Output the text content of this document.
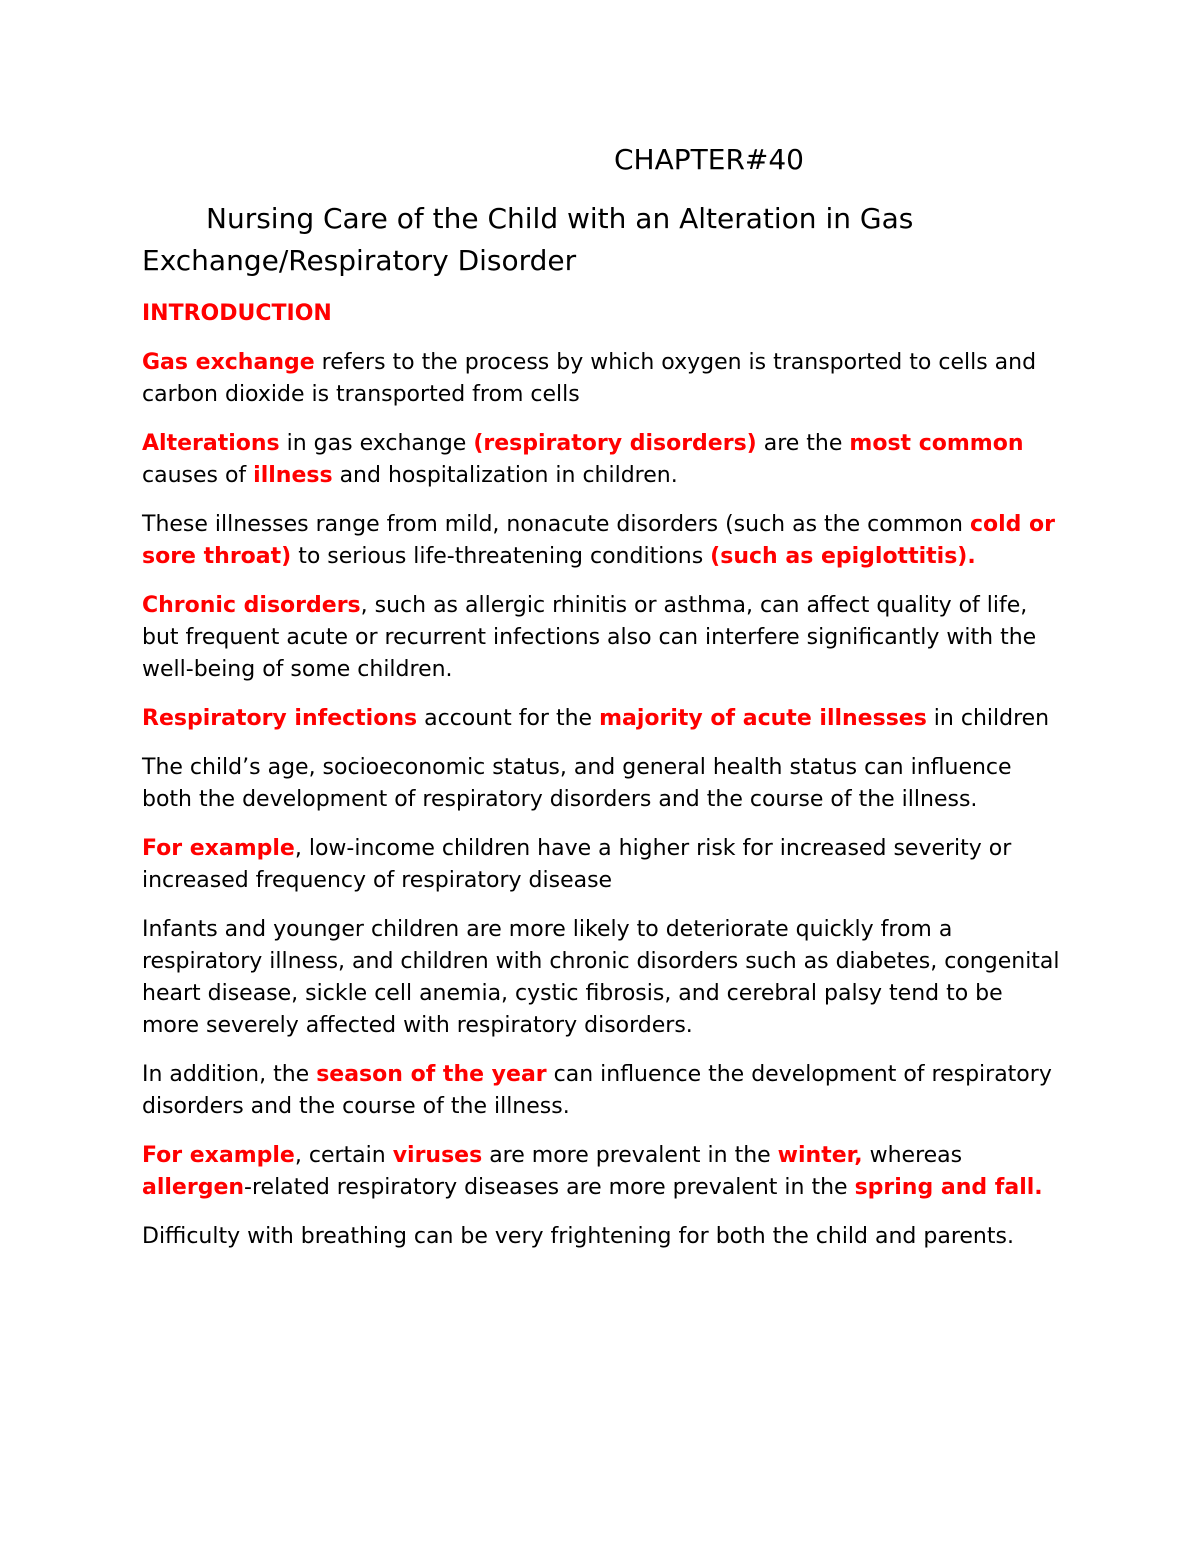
CHAPTER#40
Nursing Care of the Child with an Alteration in Gas Exchange/Respiratory Disorder

INTRODUCTION

Gas exchange refers to the process by which oxygen is transported to cells and carbon dioxide is transported from cells

Alterations in gas exchange (respiratory disorders) are the most common causes of illness and hospitalization in children.

These illnesses range from mild, nonacute disorders (such as the common cold or sore throat) to serious life-threatening conditions (such as epiglottitis).

Chronic disorders, such as allergic rhinitis or asthma, can affect quality of life, but frequent acute or recurrent infections also can interfere significantly with the well-being of some children.

Respiratory infections account for the majority of acute illnesses in children

The child’s age, socioeconomic status, and general health status can influence both the development of respiratory disorders and the course of the illness.

For example, low-income children have a higher risk for increased severity or increased frequency of respiratory disease

Infants and younger children are more likely to deteriorate quickly from a respiratory illness, and children with chronic disorders such as diabetes, congenital heart disease, sickle cell anemia, cystic fibrosis, and cerebral palsy tend to be more severely affected with respiratory disorders.

In addition, the season of the year can influence the development of respiratory disorders and the course of the illness.

For example, certain viruses are more prevalent in the winter, whereas allergen-related respiratory diseases are more prevalent in the spring and fall.

Difficulty with breathing can be very frightening for both the child and parents.
